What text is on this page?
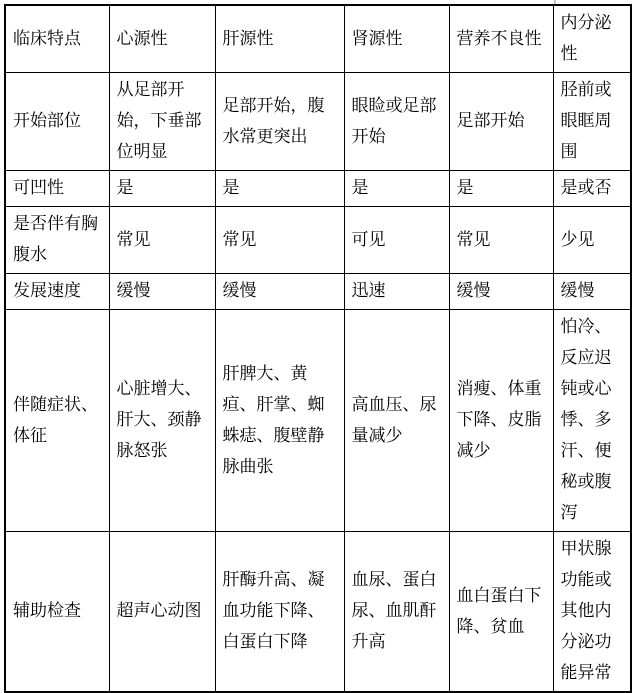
临床特点	心源性	肝源性	肾源性	营养不良性	内分泌性
开始部位	从足部开始，下垂部位明显	足部开始，腹水常更突出	眼睑或足部开始	足部开始	胫前或眼眶周围
可凹性	是	是	是	是	是或否
是否伴有胸腹水	常见	常见	可见	常见	少见
发展速度	缓慢	缓慢	迅速	缓慢	缓慢
伴随症状、体征	心脏增大、肝大、颈静脉怒张	肝脾大、黄疸、肝掌、蜘蛛痣、腹壁静脉曲张	高血压、尿量减少	消瘦、体重下降、皮脂减少	怕冷、反应迟钝或心悸、多汗、便秘或腹泻
辅助检查	超声心动图	肝酶升高、凝血功能下降、白蛋白下降	血尿、蛋白尿、血肌酐升高	血白蛋白下降、贫血	甲状腺功能或其他内分泌功能异常
